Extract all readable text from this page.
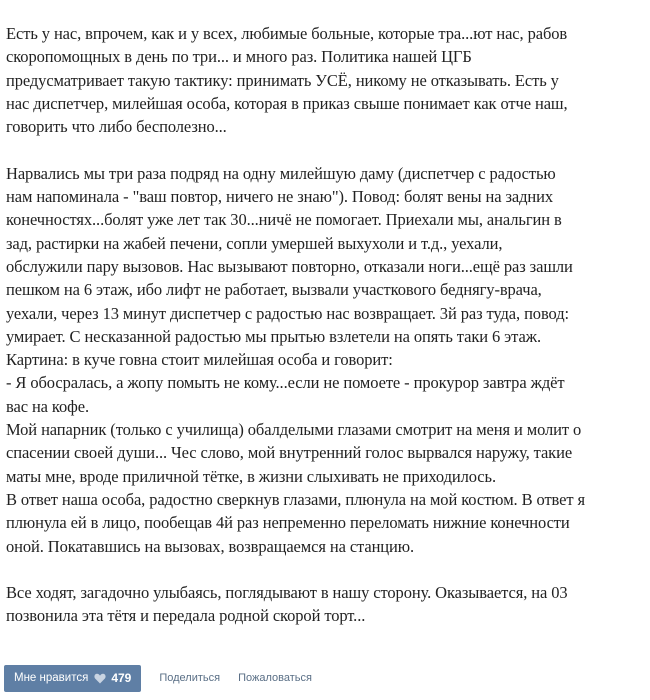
Есть у нас, впрочем, как и у всех, любимые больные, которые тра...ют нас, рабов

скоропомощных в день по три... и много раз. Политика нашей ЦГБ

предусматривает такую тактику: принимать УСЁ, никому не отказывать. Есть у

нас диспетчер, милейшая особа, которая в приказ свыше понимает как отче наш,

говорить что либо бесполезно...

Нарвались мы три раза подряд на одну милейшую даму (диспетчер с радостью

нам напоминала - "ваш повтор, ничего не знаю"). Повод: болят вены на задних

конечностях...болят уже лет так 30...ничё не помогает. Приехали мы, анальгин в

зад, растирки на жабей печени, сопли умершей выхухоли и т.д., уехали,

обслужили пару вызовов. Нас вызывают повторно, отказали ноги...ещё раз зашли

пешком на 6 этаж, ибо лифт не работает, вызвали участкового беднягу-врача,

уехали, через 13 минут диспетчер с радостью нас возвращает. 3й раз туда, повод:

умирает. С несказанной радостью мы прытью взлетели на опять таки 6 этаж.

Картина: в куче говна стоит милейшая особа и говорит:

- Я обосралась, а жопу помыть не кому...если не помоете - прокурор завтра ждёт

вас на кофе.

Мой напарник (только с училища) обалделыми глазами смотрит на меня и молит о

спасении своей души... Чес слово, мой внутренний голос вырвался наружу, такие

маты мне, вроде приличной тётке, в жизни слыхивать не приходилось.

В ответ наша особа, радостно сверкнув глазами, плюнула на мой костюм. В ответ я

плюнула ей в лицо, пообещав 4й раз непременно переломать нижние конечности

оной. Покатавшись на вызовах, возвращаемся на станцию.

Все ходят, загадочно улыбаясь, поглядывают в нашу сторону. Оказывается, на 03

позвонила эта тётя и передала родной скорой торт...

Мне нравится 479	Поделиться Пожаловаться
